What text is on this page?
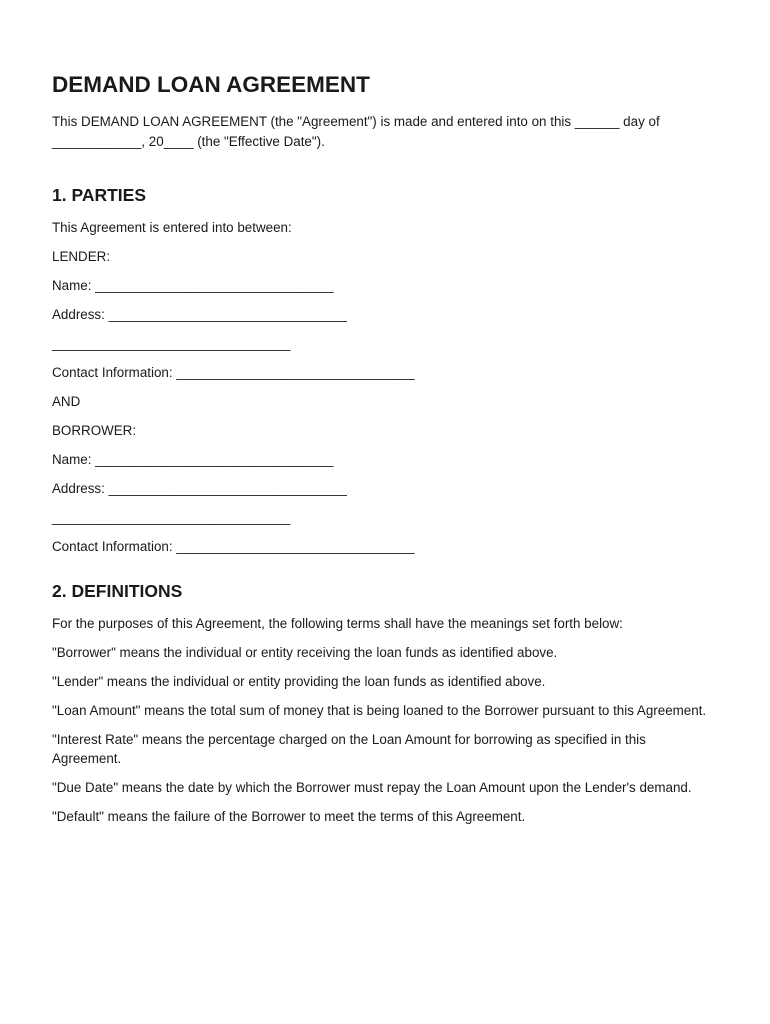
DEMAND LOAN AGREEMENT

This DEMAND LOAN AGREEMENT (the "Agreement") is made and entered into on this ______ day of ____________, 20____ (the "Effective Date").

1. PARTIES

This Agreement is entered into between:

LENDER:

Name: ________________________________

Address: ________________________________

________________________________

Contact Information: ________________________________

AND

BORROWER:

Name: ________________________________

Address: ________________________________

________________________________

Contact Information: ________________________________

2. DEFINITIONS

For the purposes of this Agreement, the following terms shall have the meanings set forth below:

"Borrower" means the individual or entity receiving the loan funds as identified above.

"Lender" means the individual or entity providing the loan funds as identified above.

"Loan Amount" means the total sum of money that is being loaned to the Borrower pursuant to this Agreement.

"Interest Rate" means the percentage charged on the Loan Amount for borrowing as specified in this Agreement.

"Due Date" means the date by which the Borrower must repay the Loan Amount upon the Lender's demand.

"Default" means the failure of the Borrower to meet the terms of this Agreement.
